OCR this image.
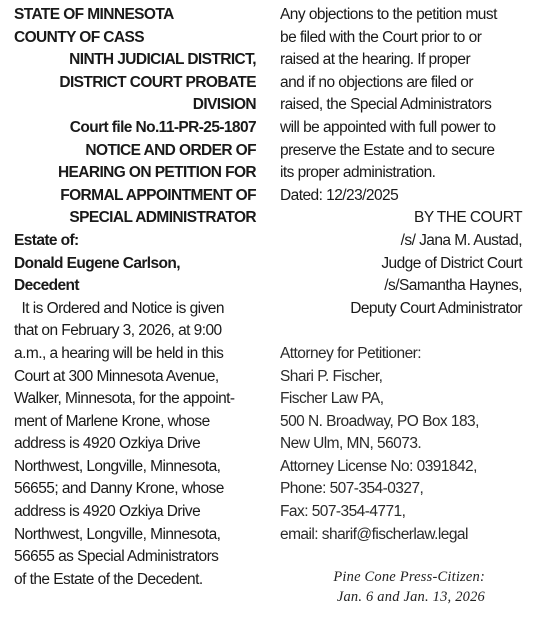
STATE OF MINNESOTA
COUNTY OF CASS
NINTH JUDICIAL DISTRICT,
DISTRICT COURT PROBATE
DIVISION
Court file No.11-PR-25-1807
NOTICE AND ORDER OF
HEARING ON PETITION FOR
FORMAL APPOINTMENT OF
SPECIAL ADMINISTRATOR
Estate of:
Donald Eugene Carlson,
Decedent
It is Ordered and Notice is given
that on February 3, 2026, at 9:00
a.m., a hearing will be held in this
Court at 300 Minnesota Avenue,
Walker, Minnesota, for the appoint-
ment of Marlene Krone, whose
address is 4920 Ozkiya Drive
Northwest, Longville, Minnesota,
56655; and Danny Krone, whose
address is 4920 Ozkiya Drive
Northwest, Longville, Minnesota,
56655 as Special Administrators
of the Estate of the Decedent.
Any objections to the petition must
be filed with the Court prior to or
raised at the hearing. If proper
and if no objections are filed or
raised, the Special Administrators
will be appointed with full power to
preserve the Estate and to secure
its proper administration.
Dated: 12/23/2025
BY THE COURT
/s/ Jana M. Austad,
Judge of District Court
/s/Samantha Haynes,
Deputy Court Administrator
Attorney for Petitioner:
Shari P. Fischer,
Fischer Law PA,
500 N. Broadway, PO Box 183,
New Ulm, MN, 56073.
Attorney License No: 0391842,
Phone: 507-354-0327,
Fax: 507-354-4771,
email: sharif@fischerlaw.legal
Pine Cone Press-Citizen:
Jan. 6 and Jan. 13, 2026
